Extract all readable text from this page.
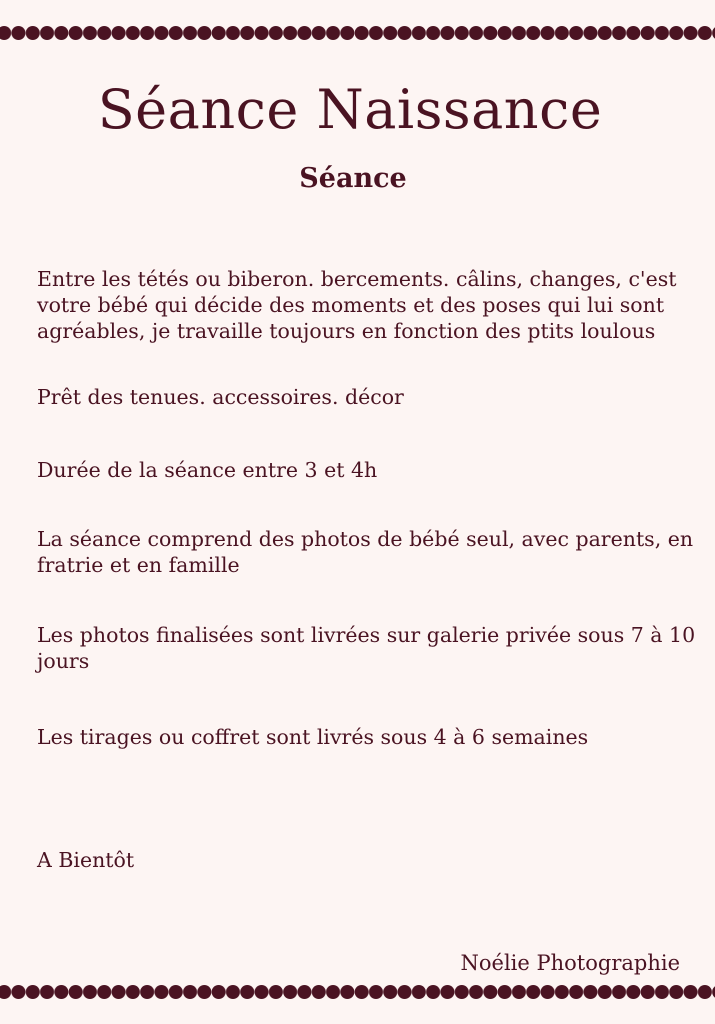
Séance Naissance
Séance

Entre les tétés ou biberon. bercements. câlins, changes, c'est votre bébé qui décide des moments et des poses qui lui sont agréables, je travaille toujours en fonction des ptits loulous

Prêt des tenues. accessoires. décor

Durée de la séance entre 3 et 4h

La séance comprend des photos de bébé seul, avec parents, en fratrie et en famille

Les photos finalisées sont livrées sur galerie privée sous 7 à 10 jours

Les tirages ou coffret sont livrés sous 4 à 6 semaines

A Bientôt

Noélie Photographie
